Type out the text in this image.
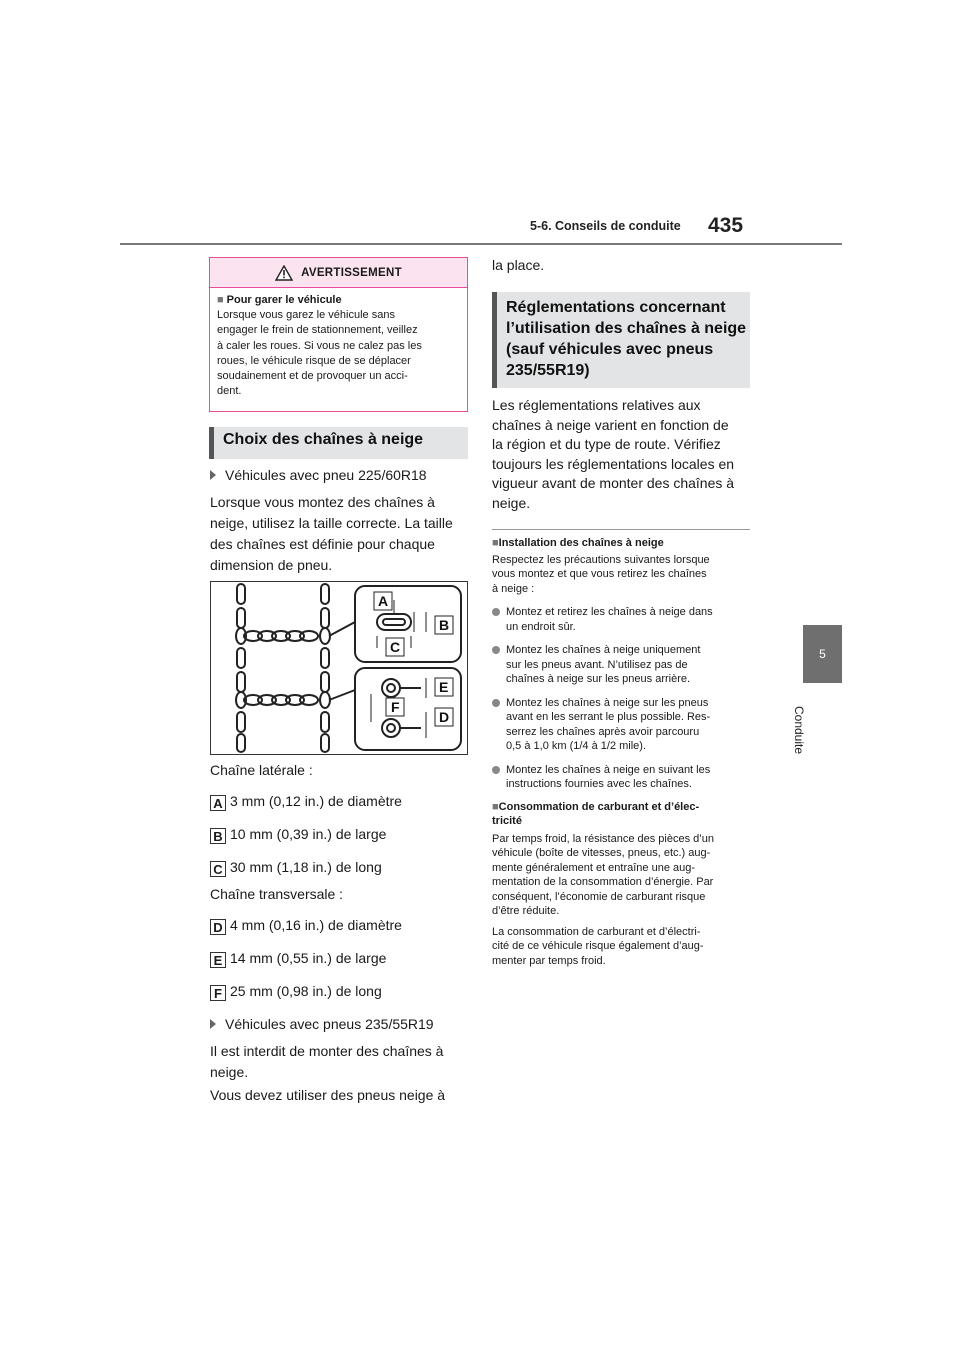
5-6. Conseils de conduite 435
5
Conduite
AVERTISSEMENT
■ Pour garer le véhicule
Lorsque vous garez le véhicule sans
engager le frein de stationnement, veillez
à caler les roues. Si vous ne calez pas les
roues, le véhicule risque de se déplacer
soudainement et de provoquer un acci-
dent.
Choix des chaînes à neige
Véhicules avec pneu 225/60R18
Lorsque vous montez des chaînes à
neige, utilisez la taille correcte. La taille
des chaînes est définie pour chaque
dimension de pneu.
A
B
C
E
F
D
Chaîne latérale :
A 3 mm (0,12 in.) de diamètre
B 10 mm (0,39 in.) de large
C 30 mm (1,18 in.) de long
Chaîne transversale :
D 4 mm (0,16 in.) de diamètre
E 14 mm (0,55 in.) de large
F 25 mm (0,98 in.) de long
Véhicules avec pneus 235/55R19
Il est interdit de monter des chaînes à
neige.
Vous devez utiliser des pneus neige à
la place.
Réglementations concernant
l’utilisation des chaînes à neige
(sauf véhicules avec pneus
235/55R19)
Les réglementations relatives aux
chaînes à neige varient en fonction de
la région et du type de route. Vérifiez
toujours les réglementations locales en
vigueur avant de monter des chaînes à
neige.
■Installation des chaînes à neige
Respectez les précautions suivantes lorsque
vous montez et que vous retirez les chaînes
à neige :
Montez et retirez les chaînes à neige dans
un endroit sûr.
Montez les chaînes à neige uniquement
sur les pneus avant. N’utilisez pas de
chaînes à neige sur les pneus arrière.
Montez les chaînes à neige sur les pneus
avant en les serrant le plus possible. Res-
serrez les chaînes après avoir parcouru
0,5 à 1,0 km (1/4 à 1/2 mile).
Montez les chaînes à neige en suivant les
instructions fournies avec les chaînes.
■Consommation de carburant et d’élec-
tricité
Par temps froid, la résistance des pièces d’un
véhicule (boîte de vitesses, pneus, etc.) aug-
mente généralement et entraîne une aug-
mentation de la consommation d’énergie. Par
conséquent, l’économie de carburant risque
d’être réduite.
La consommation de carburant et d’électri-
cité de ce véhicule risque également d’aug-
menter par temps froid.
